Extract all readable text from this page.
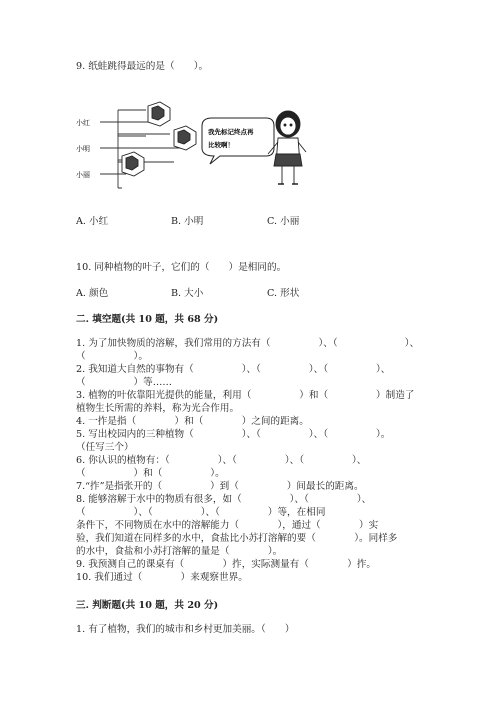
9. 纸蛙跳得最远的是（　　）。
小红
小明
小丽
我先标记终点再
比较啊！
A. 小红	B. 小明	C. 小丽
10. 同种植物的叶子，它们的（　　）是相同的。
A. 颜色	B. 大小	C. 形状
二. 填空题(共 10 题，共 68 分)
1. 为了加快物质的溶解，我们常用的方法有（　　　　　）、（　　　　　　　）、
（　　　　　）。
2. 我知道大自然的事物有（　　　　　）、（　　　　　）、（　　　　　）、
（　　　　　）等……
3. 植物的叶依靠阳光提供的能量，利用（　　　　　）和（　　　　　）制造了
植物生长所需的养料，称为光合作用。
4. 一拃是指（　　　　）和（　　　　）之间的距离。
5. 写出校园内的三种植物（　　　　　）、（　　　　　）、（　　　　　）。
（任写三个）
6. 你认识的植物有：（　　　　　）、（　　　　　）、（　　　　　）、
（　　　　　）和（　　　　　）。
7.“拃”是指张开的（　　　　　）到（　　　　　）间最长的距离。
8. 能够溶解于水中的物质有很多，如（　　　　　）、（　　　　　）、
（　　　　　）、（　　　　　）、（　　　　　）等，在相同
条件下，不同物质在水中的溶解能力（　　　　），通过（　　　　）实
验，我们知道在同样多的水中，食盐比小苏打溶解的要（　　　　）。同样多
的水中，食盐和小苏打溶解的量是（　　　　）。
9. 我预测自己的课桌有（　　　　）拃，实际测量有（　　　　）拃。
10. 我们通过（　　　　）来观察世界。
三. 判断题(共 10 题，共 20 分)
1. 有了植物，我们的城市和乡村更加美丽。（　　）
